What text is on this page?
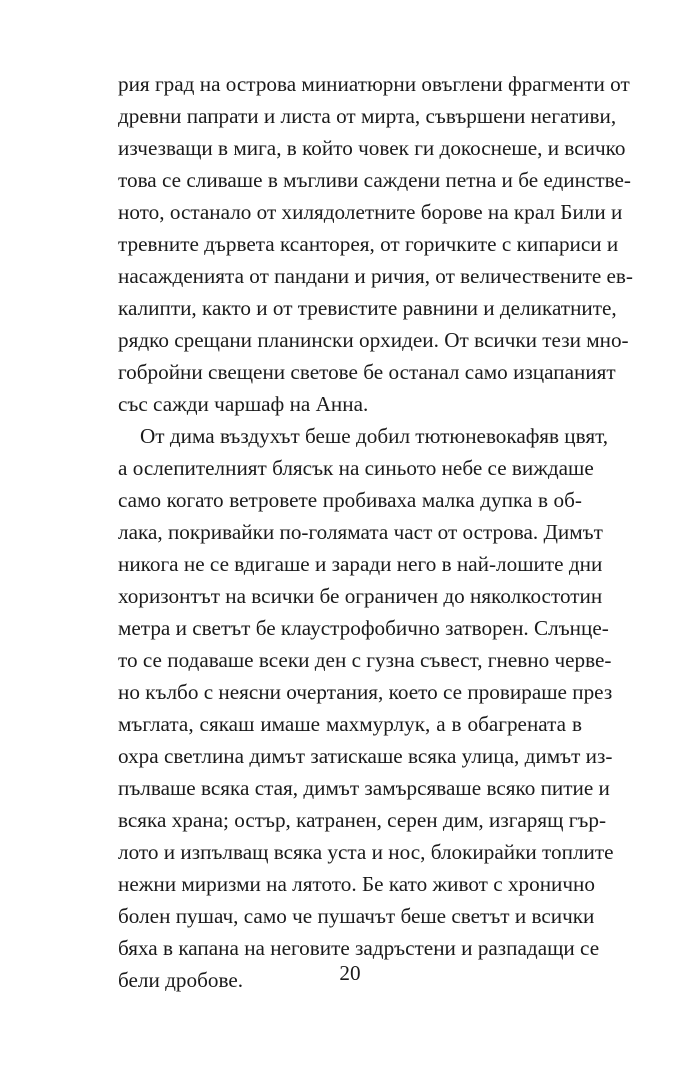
рия град на острова миниатюрни овъглени фрагменти от
древни папрати и листа от мирта, съвършени негативи,
изчезващи в мига, в който човек ги докоснеше, и всичко
това се сливаше в мъгливи саждени петна и бе единстве-
ното, останало от хилядолетните борове на крал Били и
тревните дървета ксанторея, от горичките с кипариси и
насажденията от пандани и ричия, от величествените ев-
калипти, както и от тревистите равнини и деликатните,
рядко срещани планински орхидеи. От всички тези мно-
гобройни свещени светове бе останал само изцапаният
със сажди чаршаф на Анна.
От дима въздухът беше добил тютюневокафяв цвят,
а ослепителният блясък на синьото небе се виждаше
само когато ветровете пробиваха малка дупка в об-
лака, покривайки по-голямата част от острова. Димът
никога не се вдигаше и заради него в най-лошите дни
хоризонтът на всички бе ограничен до няколкостотин
метра и светът бе клаустрофобично затворен. Слънце-
то се подаваше всеки ден с гузна съвест, гневно черве-
но кълбо с неясни очертания, което се провираше през
мъглата, сякаш имаше махмурлук, а в обагрената в
охра светлина димът затискаше всяка улица, димът из-
пълваше всяка стая, димът замърсяваше всяко питие и
всяка храна; остър, катранен, серен дим, изгарящ гър-
лото и изпълващ всяка уста и нос, блокирайки топлите
нежни миризми на лятото. Бе като живот с хронично
болен пушач, само че пушачът беше светът и всички
бяха в капана на неговите задръстени и разпадащи се
бели дробове.	20
